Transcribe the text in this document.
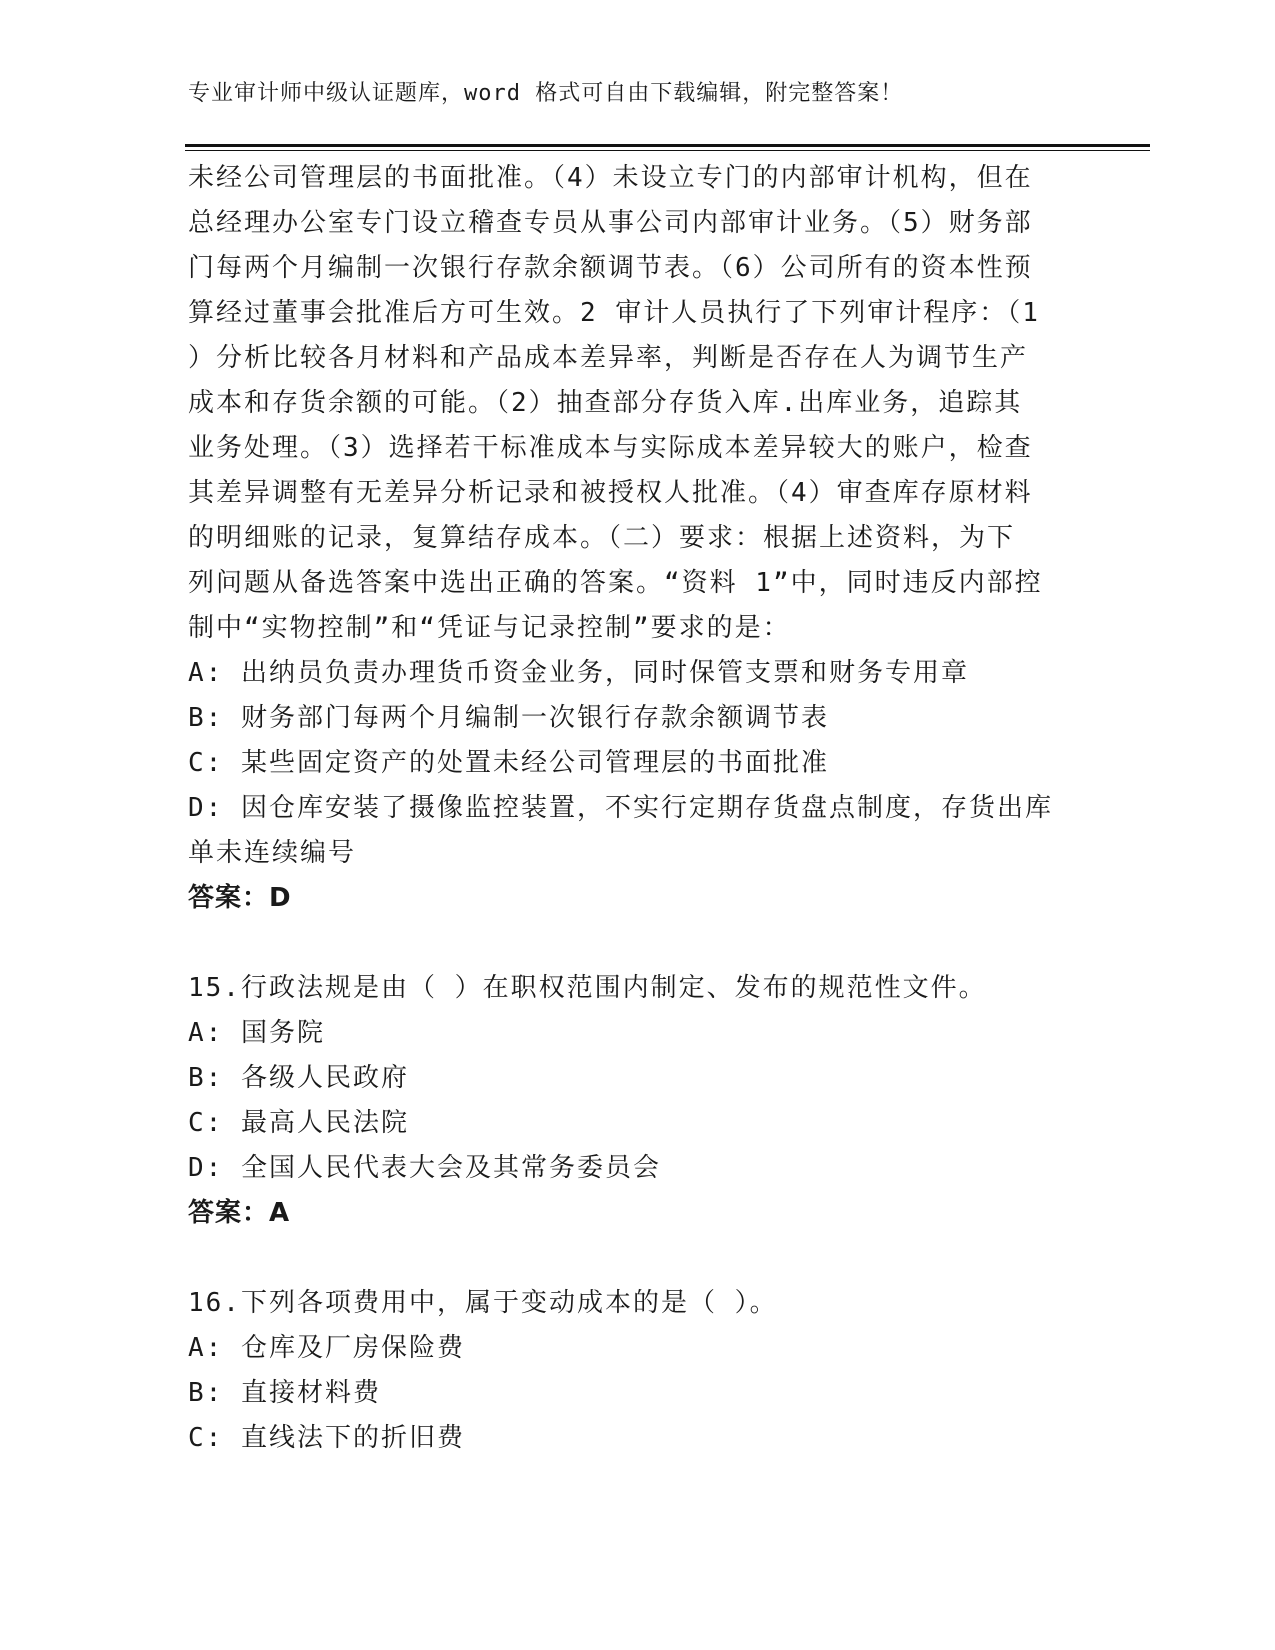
专业审计师中级认证题库，word 格式可自由下载编辑，附完整答案！
未经公司管理层的书面批准。（4）未设立专门的内部审计机构，但在
总经理办公室专门设立稽查专员从事公司内部审计业务。（5）财务部
门每两个月编制一次银行存款余额调节表。（6）公司所有的资本性预
算经过董事会批准后方可生效。2 审计人员执行了下列审计程序：（1
）分析比较各月材料和产品成本差异率，判断是否存在人为调节生产
成本和存货余额的可能。（2）抽查部分存货入库.出库业务，追踪其
业务处理。（3）选择若干标准成本与实际成本差异较大的账户，检查
其差异调整有无差异分析记录和被授权人批准。（4）审查库存原材料
的明细账的记录，复算结存成本。（二）要求：根据上述资料，为下
列问题从备选答案中选出正确的答案。“资料 1”中，同时违反内部控
制中“实物控制”和“凭证与记录控制”要求的是：
A: 出纳员负责办理货币资金业务，同时保管支票和财务专用章
B: 财务部门每两个月编制一次银行存款余额调节表
C: 某些固定资产的处置未经公司管理层的书面批准
D: 因仓库安装了摄像监控装置，不实行定期存货盘点制度，存货出库
单未连续编号
答案：D
15.行政法规是由（ ）在职权范围内制定、发布的规范性文件。
A: 国务院
B: 各级人民政府
C: 最高人民法院
D: 全国人民代表大会及其常务委员会
答案：A
16.下列各项费用中，属于变动成本的是（ ）。
A: 仓库及厂房保险费
B: 直接材料费
C: 直线法下的折旧费
